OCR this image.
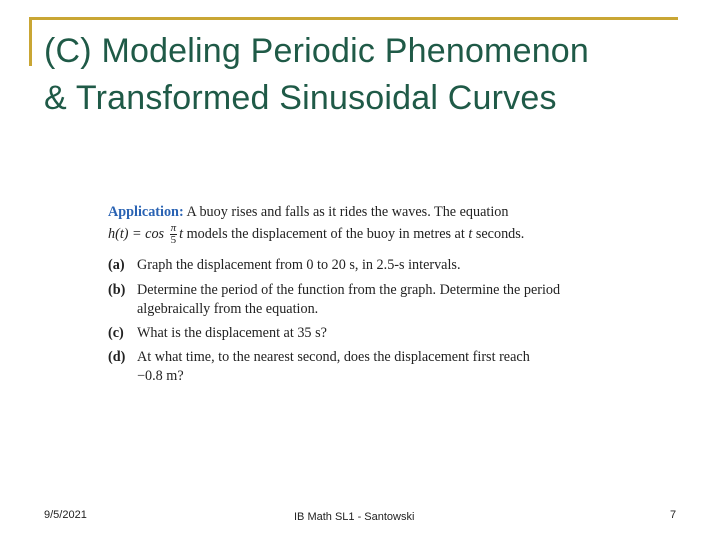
(C) Modeling Periodic Phenomenon
& Transformed Sinusoidal Curves
Application: A buoy rises and falls as it rides the waves. The equation
$h(t) = \cos \frac{\pi}{5}$ t models the displacement of the buoy in metres at t seconds.
(a) Graph the displacement from 0 to 20 s, in 2.5-s intervals.
(b) Determine the period of the function from the graph. Determine the period
algebraically from the equation.
(c) What is the displacement at 35 s?
(d) At what time, to the nearest second, does the displacement first reach
−0.8 m?
9/5/2021	IB Math SL1 - Santowski	7
